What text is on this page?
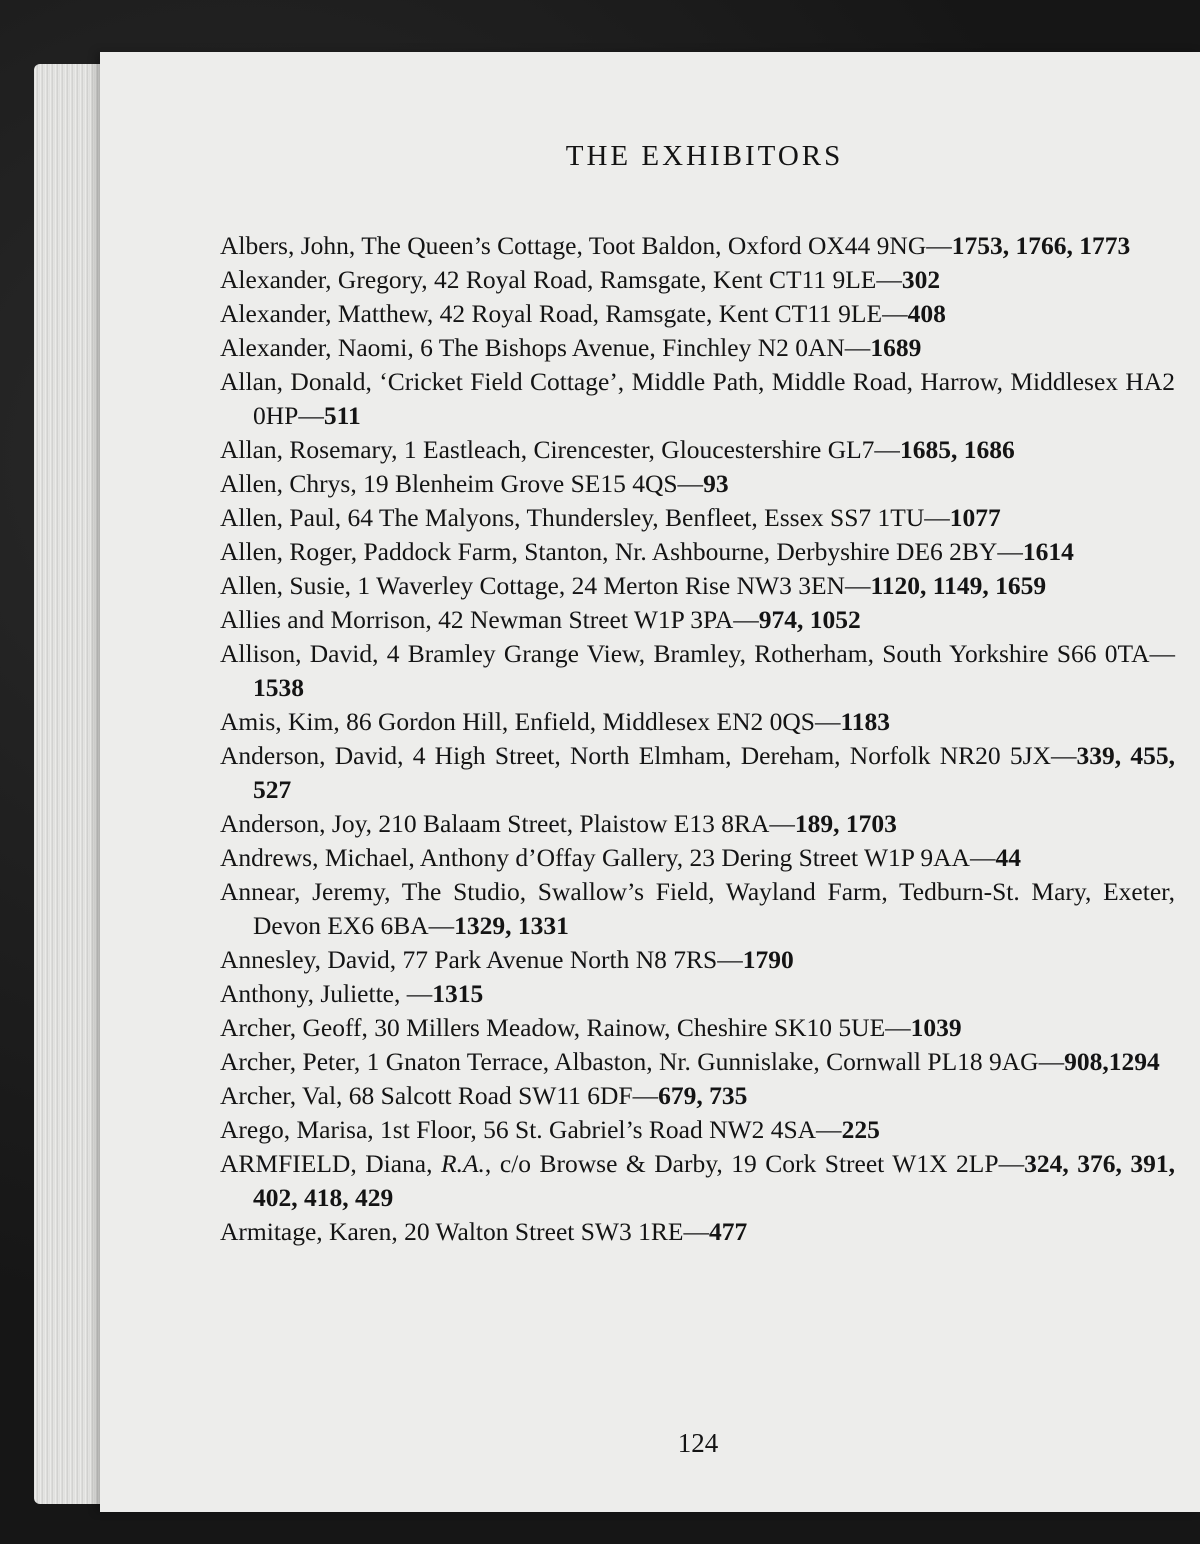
THE EXHIBITORS
Albers, John, The Queen’s Cottage, Toot Baldon, Oxford OX44 9NG—1753, 1766, 1773
Alexander, Gregory, 42 Royal Road, Ramsgate, Kent CT11 9LE—302
Alexander, Matthew, 42 Royal Road, Ramsgate, Kent CT11 9LE—408
Alexander, Naomi, 6 The Bishops Avenue, Finchley N2 0AN—1689
Allan, Donald, ‘Cricket Field Cottage’, Middle Path, Middle Road, Harrow, Middlesex HA2 0HP—511
Allan, Rosemary, 1 Eastleach, Cirencester, Gloucestershire GL7—1685, 1686
Allen, Chrys, 19 Blenheim Grove SE15 4QS—93
Allen, Paul, 64 The Malyons, Thundersley, Benfleet, Essex SS7 1TU—1077
Allen, Roger, Paddock Farm, Stanton, Nr. Ashbourne, Derbyshire DE6 2BY—1614
Allen, Susie, 1 Waverley Cottage, 24 Merton Rise NW3 3EN—1120, 1149, 1659
Allies and Morrison, 42 Newman Street W1P 3PA—974, 1052
Allison, David, 4 Bramley Grange View, Bramley, Rotherham, South Yorkshire S66 0TA—1538
Amis, Kim, 86 Gordon Hill, Enfield, Middlesex EN2 0QS—1183
Anderson, David, 4 High Street, North Elmham, Dereham, Norfolk NR20 5JX—339, 455, 527
Anderson, Joy, 210 Balaam Street, Plaistow E13 8RA—189, 1703
Andrews, Michael, Anthony d’Offay Gallery, 23 Dering Street W1P 9AA—44
Annear, Jeremy, The Studio, Swallow’s Field, Wayland Farm, Tedburn-St. Mary, Exeter, Devon EX6 6BA—1329, 1331
Annesley, David, 77 Park Avenue North N8 7RS—1790
Anthony, Juliette, —1315
Archer, Geoff, 30 Millers Meadow, Rainow, Cheshire SK10 5UE—1039
Archer, Peter, 1 Gnaton Terrace, Albaston, Nr. Gunnislake, Cornwall PL18 9AG—908,1294
Archer, Val, 68 Salcott Road SW11 6DF—679, 735
Arego, Marisa, 1st Floor, 56 St. Gabriel’s Road NW2 4SA—225
ARMFIELD, Diana, R.A., c/o Browse & Darby, 19 Cork Street W1X 2LP—324, 376, 391, 402, 418, 429
Armitage, Karen, 20 Walton Street SW3 1RE—477
124
